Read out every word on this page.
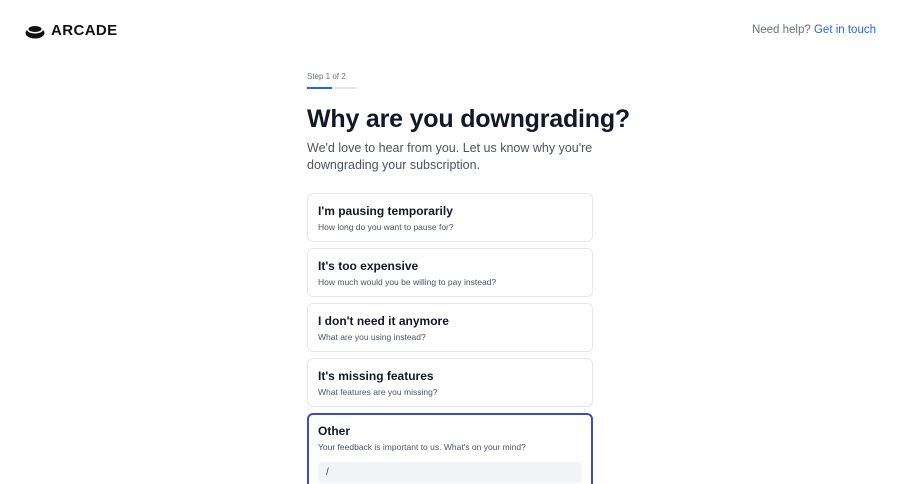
ARCADE	Need help? Get in touch
Step 1 of 2
Why are you downgrading?

We'd love to hear from you. Let us know why you're downgrading your subscription.

I'm pausing temporarily
How long do you want to pause for?
It's too expensive
How much would you be willing to pay instead?
I don't need it anymore
What are you using instead?
It's missing features
What features are you missing?
Other
Your feedback is important to us. What's on your mind?
/
